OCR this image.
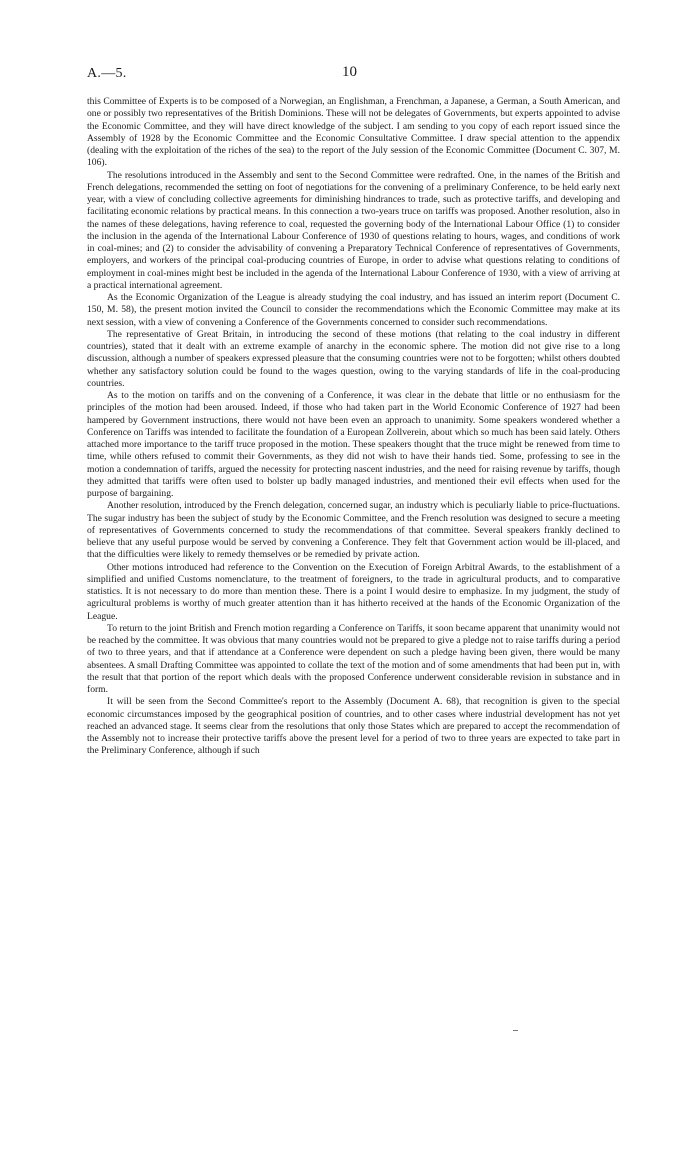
A.—5.	10

this Committee of Experts is to be composed of a Norwegian, an Englishman, a Frenchman, a Japanese, a German, a South American, and one or possibly two representatives of the British Dominions. These will not be delegates of Governments, but experts appointed to advise the Economic Committee, and they will have direct knowledge of the subject. I am sending to you copy of each report issued since the Assembly of 1928 by the Economic Committee and the Economic Consultative Committee. I draw special attention to the appendix (dealing with the exploitation of the riches of the sea) to the report of the July session of the Economic Committee (Document C. 307, M. 106).

The resolutions introduced in the Assembly and sent to the Second Committee were redrafted. One, in the names of the British and French delegations, recommended the setting on foot of negotiations for the convening of a preliminary Conference, to be held early next year, with a view of concluding collective agreements for diminishing hindrances to trade, such as protective tariffs, and developing and facilitating economic relations by practical means. In this connection a two-years truce on tariffs was proposed. Another resolution, also in the names of these delegations, having reference to coal, requested the governing body of the International Labour Office (1) to consider the inclusion in the agenda of the International Labour Conference of 1930 of questions relating to hours, wages, and conditions of work in coal-mines; and (2) to consider the advisability of convening a Preparatory Technical Conference of representatives of Governments, employers, and workers of the principal coal-producing countries of Europe, in order to advise what questions relating to conditions of employment in coal-mines might best be included in the agenda of the International Labour Conference of 1930, with a view of arriving at a practical international agreement.

As the Economic Organization of the League is already studying the coal industry, and has issued an interim report (Document C. 150, M. 58), the present motion invited the Council to consider the recommendations which the Economic Committee may make at its next session, with a view of convening a Conference of the Governments concerned to consider such recommendations.

The representative of Great Britain, in introducing the second of these motions (that relating to the coal industry in different countries), stated that it dealt with an extreme example of anarchy in the economic sphere. The motion did not give rise to a long discussion, although a number of speakers expressed pleasure that the consuming countries were not to be forgotten; whilst others doubted whether any satisfactory solution could be found to the wages question, owing to the varying standards of life in the coal-producing countries.

As to the motion on tariffs and on the convening of a Conference, it was clear in the debate that little or no enthusiasm for the principles of the motion had been aroused. Indeed, if those who had taken part in the World Economic Conference of 1927 had been hampered by Government instructions, there would not have been even an approach to unanimity. Some speakers wondered whether a Conference on Tariffs was intended to facilitate the foundation of a European Zollverein, about which so much has been said lately. Others attached more importance to the tariff truce proposed in the motion. These speakers thought that the truce might be renewed from time to time, while others refused to commit their Governments, as they did not wish to have their hands tied. Some, professing to see in the motion a condemnation of tariffs, argued the necessity for protecting nascent industries, and the need for raising revenue by tariffs, though they admitted that tariffs were often used to bolster up badly managed industries, and mentioned their evil effects when used for the purpose of bargaining.

Another resolution, introduced by the French delegation, concerned sugar, an industry which is peculiarly liable to price-fluctuations. The sugar industry has been the subject of study by the Economic Committee, and the French resolution was designed to secure a meeting of representatives of Governments concerned to study the recommendations of that committee. Several speakers frankly declined to believe that any useful purpose would be served by convening a Conference. They felt that Government action would be ill-placed, and that the difficulties were likely to remedy themselves or be remedied by private action.

Other motions introduced had reference to the Convention on the Execution of Foreign Arbitral Awards, to the establishment of a simplified and unified Customs nomenclature, to the treatment of foreigners, to the trade in agricultural products, and to comparative statistics. It is not necessary to do more than mention these. There is a point I would desire to emphasize. In my judgment, the study of agricultural problems is worthy of much greater attention than it has hitherto received at the hands of the Economic Organization of the League.

To return to the joint British and French motion regarding a Conference on Tariffs, it soon became apparent that unanimity would not be reached by the committee. It was obvious that many countries would not be prepared to give a pledge not to raise tariffs during a period of two to three years, and that if attendance at a Conference were dependent on such a pledge having been given, there would be many absentees. A small Drafting Committee was appointed to collate the text of the motion and of some amendments that had been put in, with the result that that portion of the report which deals with the proposed Conference underwent considerable revision in substance and in form.

It will be seen from the Second Committee's report to the Assembly (Document A. 68), that recognition is given to the special economic circumstances imposed by the geographical position of countries, and to other cases where industrial development has not yet reached an advanced stage. It seems clear from the resolutions that only those States which are prepared to accept the recommendation of the Assembly not to increase their protective tariffs above the present level for a period of two to three years are expected to take part in the Preliminary Conference, although if such
